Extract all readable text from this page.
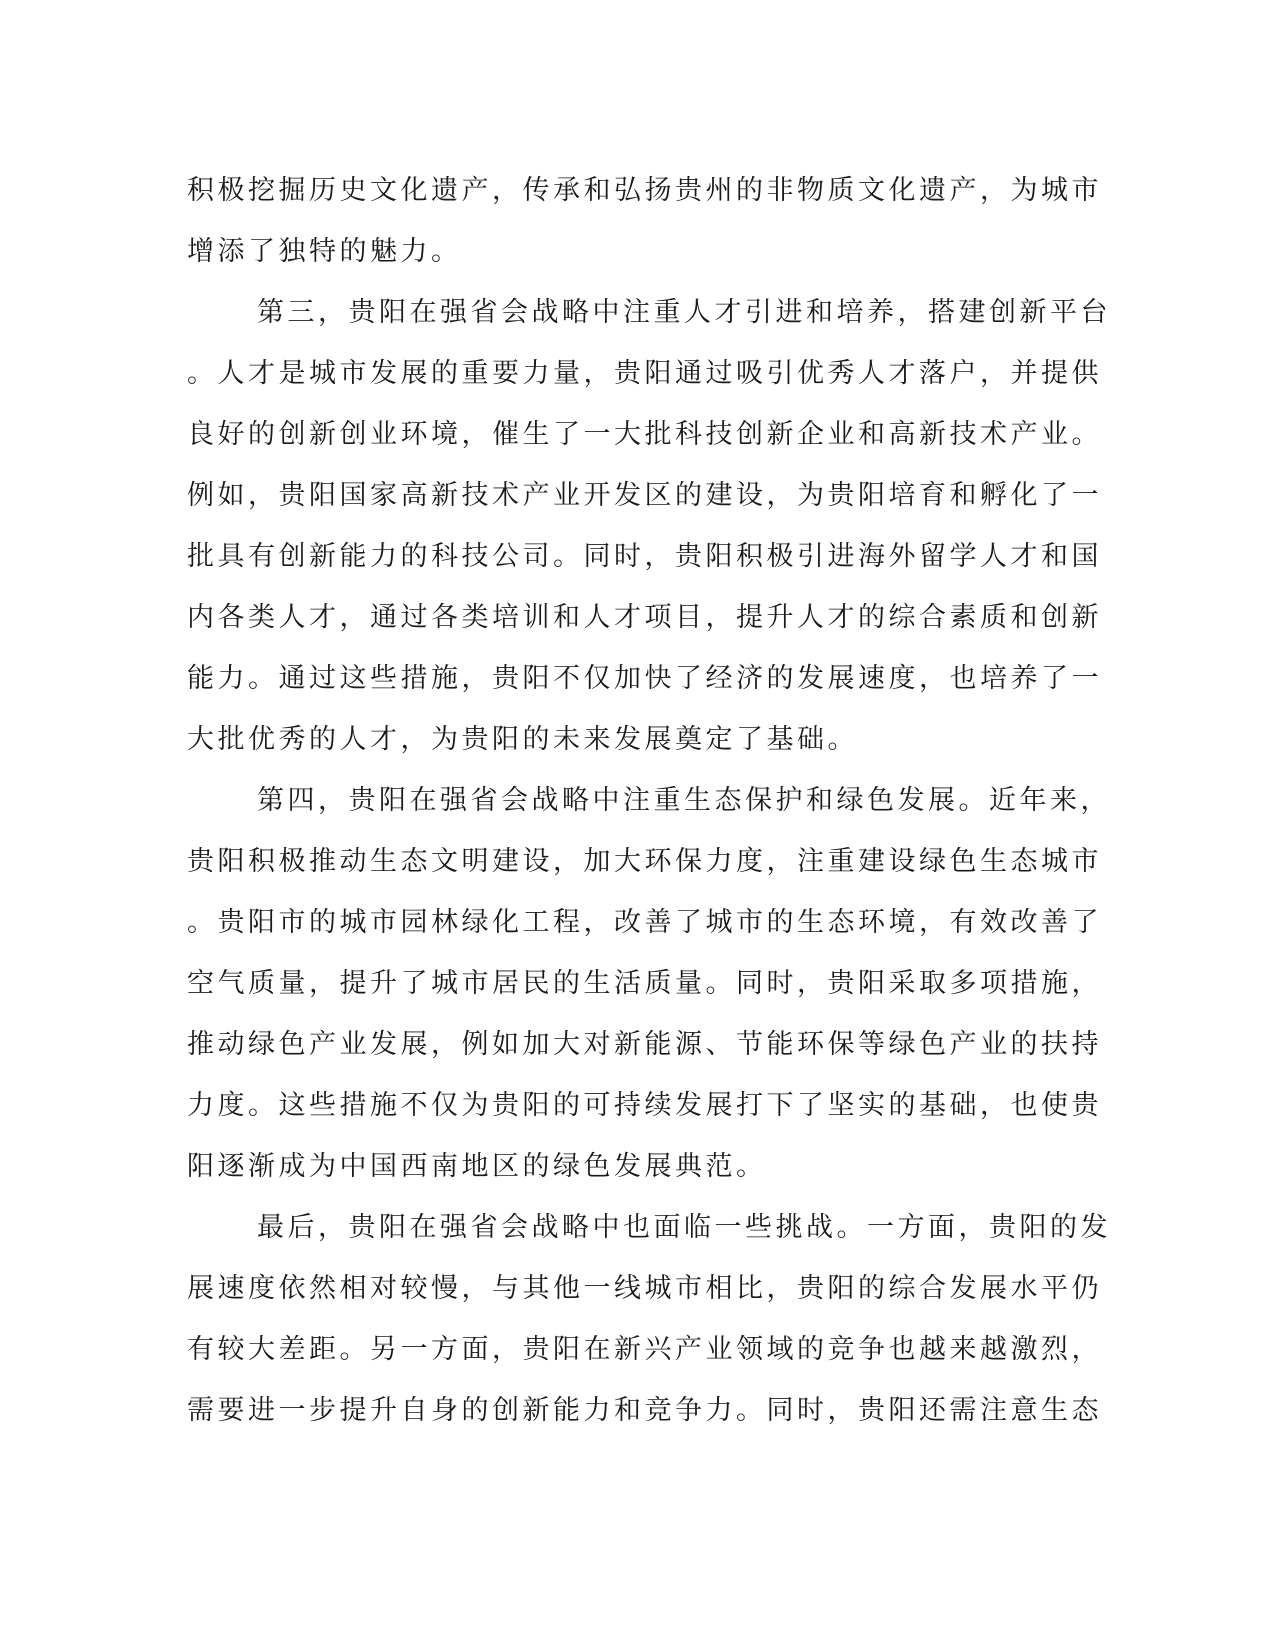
积极挖掘历史文化遗产，传承和弘扬贵州的非物质文化遗产，为城市
增添了独特的魅力。
第三，贵阳在强省会战略中注重人才引进和培养，搭建创新平台
。人才是城市发展的重要力量，贵阳通过吸引优秀人才落户，并提供
良好的创新创业环境，催生了一大批科技创新企业和高新技术产业。
例如，贵阳国家高新技术产业开发区的建设，为贵阳培育和孵化了一
批具有创新能力的科技公司。同时，贵阳积极引进海外留学人才和国
内各类人才，通过各类培训和人才项目，提升人才的综合素质和创新
能力。通过这些措施，贵阳不仅加快了经济的发展速度，也培养了一
大批优秀的人才，为贵阳的未来发展奠定了基础。
第四，贵阳在强省会战略中注重生态保护和绿色发展。近年来，
贵阳积极推动生态文明建设，加大环保力度，注重建设绿色生态城市
。贵阳市的城市园林绿化工程，改善了城市的生态环境，有效改善了
空气质量，提升了城市居民的生活质量。同时，贵阳采取多项措施，
推动绿色产业发展，例如加大对新能源、节能环保等绿色产业的扶持
力度。这些措施不仅为贵阳的可持续发展打下了坚实的基础，也使贵
阳逐渐成为中国西南地区的绿色发展典范。
最后，贵阳在强省会战略中也面临一些挑战。一方面，贵阳的发
展速度依然相对较慢，与其他一线城市相比，贵阳的综合发展水平仍
有较大差距。另一方面，贵阳在新兴产业领域的竞争也越来越激烈，
需要进一步提升自身的创新能力和竞争力。同时，贵阳还需注意生态
